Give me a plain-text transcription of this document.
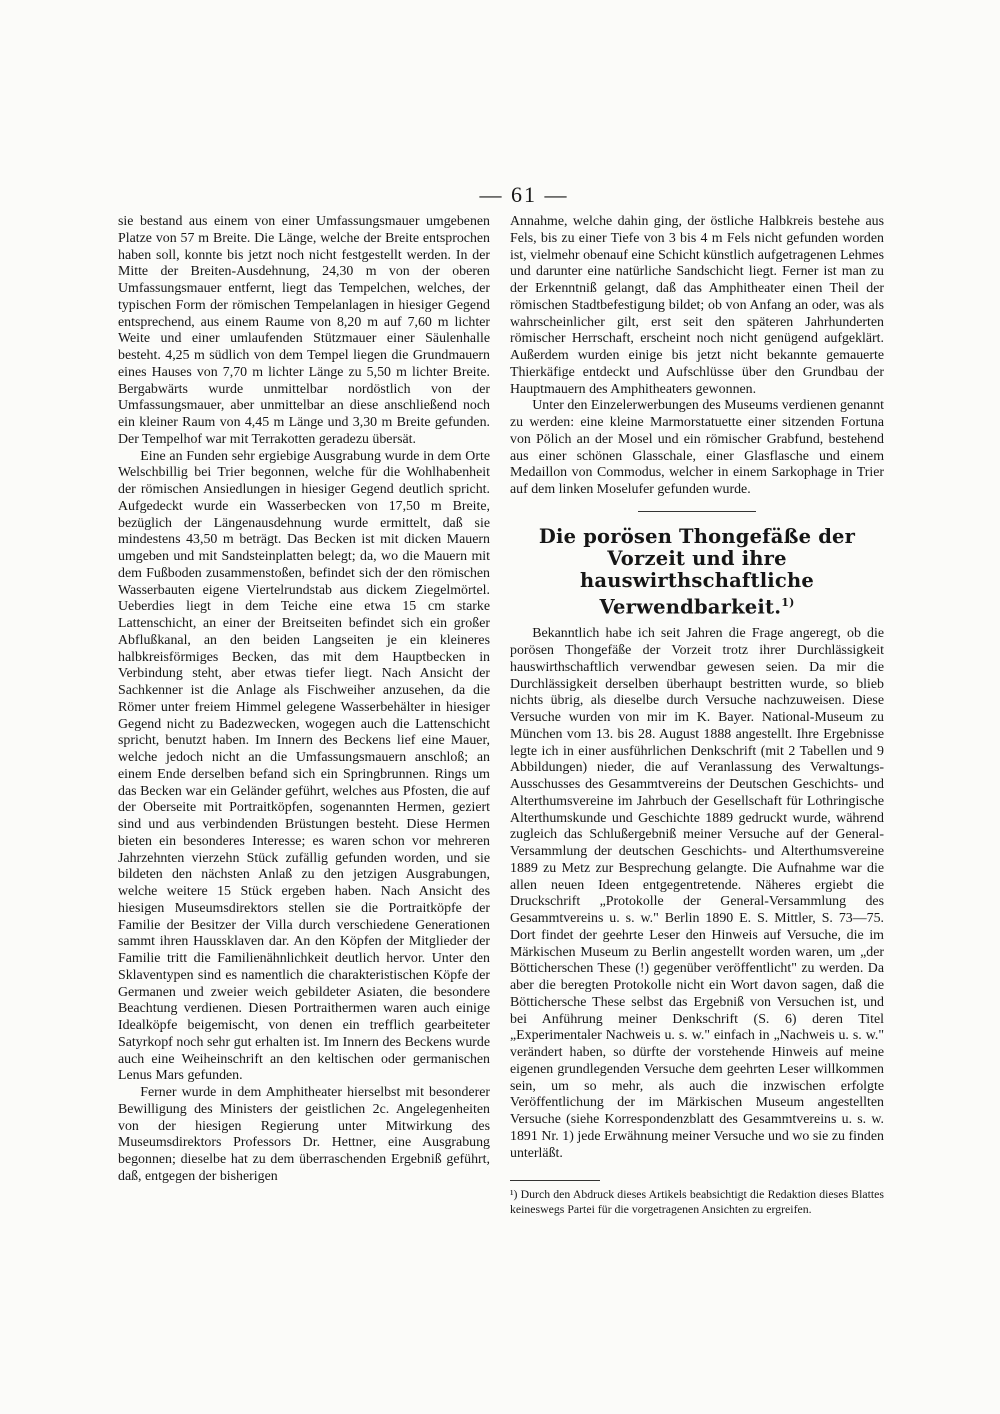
— 61 —

sie bestand aus einem von einer Umfassungsmauer umgebenen Platze von 57 m Breite. Die Länge, welche der Breite entsprochen haben soll, konnte bis jetzt noch nicht festgestellt werden. In der Mitte der Breiten-Ausdehnung, 24,30 m von der oberen Umfassungsmauer entfernt, liegt das Tempelchen, welches, der typischen Form der römischen Tempelanlagen in hiesiger Gegend entsprechend, aus einem Raume von 8,20 m auf 7,60 m lichter Weite und einer umlaufenden Stützmauer einer Säulenhalle besteht. 4,25 m südlich von dem Tempel liegen die Grundmauern eines Hauses von 7,70 m lichter Länge zu 5,50 m lichter Breite. Bergabwärts wurde unmittelbar nordöstlich von der Umfassungsmauer, aber unmittelbar an diese anschließend noch ein kleiner Raum von 4,45 m Länge und 3,30 m Breite gefunden. Der Tempelhof war mit Terrakotten geradezu übersät.

Eine an Funden sehr ergiebige Ausgrabung wurde in dem Orte Welschbillig bei Trier begonnen, welche für die Wohlhabenheit der römischen Ansiedlungen in hiesiger Gegend deutlich spricht. Aufgedeckt wurde ein Wasserbecken von 17,50 m Breite, bezüglich der Längenausdehnung wurde ermittelt, daß sie mindestens 43,50 m beträgt. Das Becken ist mit dicken Mauern umgeben und mit Sandsteinplatten belegt; da, wo die Mauern mit dem Fußboden zusammenstoßen, befindet sich der den römischen Wasserbauten eigene Viertelrundstab aus dickem Ziegelmörtel. Ueberdies liegt in dem Teiche eine etwa 15 cm starke Lattenschicht, an einer der Breitseiten befindet sich ein großer Abflußkanal, an den beiden Langseiten je ein kleineres halbkreisförmiges Becken, das mit dem Hauptbecken in Verbindung steht, aber etwas tiefer liegt. Nach Ansicht der Sachkenner ist die Anlage als Fischweiher anzusehen, da die Römer unter freiem Himmel gelegene Wasserbehälter in hiesiger Gegend nicht zu Badezwecken, wogegen auch die Lattenschicht spricht, benutzt haben. Im Innern des Beckens lief eine Mauer, welche jedoch nicht an die Umfassungsmauern anschloß; an einem Ende derselben befand sich ein Springbrunnen. Rings um das Becken war ein Geländer geführt, welches aus Pfosten, die auf der Oberseite mit Portraitköpfen, sogenannten Hermen, geziert sind und aus verbindenden Brüstungen besteht. Diese Hermen bieten ein besonderes Interesse; es waren schon vor mehreren Jahrzehnten vierzehn Stück zufällig gefunden worden, und sie bildeten den nächsten Anlaß zu den jetzigen Ausgrabungen, welche weitere 15 Stück ergeben haben. Nach Ansicht des hiesigen Museumsdirektors stellen sie die Portraitköpfe der Familie der Besitzer der Villa durch verschiedene Generationen sammt ihren Haussklaven dar. An den Köpfen der Mitglieder der Familie tritt die Familienähnlichkeit deutlich hervor. Unter den Sklaventypen sind es namentlich die charakteristischen Köpfe der Germanen und zweier weich gebildeter Asiaten, die besondere Beachtung verdienen. Diesen Portraithermen waren auch einige Idealköpfe beigemischt, von denen ein trefflich gearbeiteter Satyrkopf noch sehr gut erhalten ist. Im Innern des Beckens wurde auch eine Weiheinschrift an den keltischen oder germanischen Lenus Mars gefunden.

Ferner wurde in dem Amphitheater hierselbst mit besonderer Bewilligung des Ministers der geistlichen 2c. Angelegenheiten von der hiesigen Regierung unter Mitwirkung des Museumsdirektors Professors Dr. Hettner, eine Ausgrabung begonnen; dieselbe hat zu dem überraschenden Ergebniß geführt, daß, entgegen der bisherigen

Annahme, welche dahin ging, der östliche Halbkreis bestehe aus Fels, bis zu einer Tiefe von 3 bis 4 m Fels nicht gefunden worden ist, vielmehr obenauf eine Schicht künstlich aufgetragenen Lehmes und darunter eine natürliche Sandschicht liegt. Ferner ist man zu der Erkenntniß gelangt, daß das Amphitheater einen Theil der römischen Stadtbefestigung bildet; ob von Anfang an oder, was als wahrscheinlicher gilt, erst seit den späteren Jahrhunderten römischer Herrschaft, erscheint noch nicht genügend aufgeklärt. Außerdem wurden einige bis jetzt nicht bekannte gemauerte Thierkäfige entdeckt und Aufschlüsse über den Grundbau der Hauptmauern des Amphitheaters gewonnen.

Unter den Einzelerwerbungen des Museums verdienen genannt zu werden: eine kleine Marmorstatuette einer sitzenden Fortuna von Pölich an der Mosel und ein römischer Grabfund, bestehend aus einer schönen Glasschale, einer Glasflasche und einem Medaillon von Commodus, welcher in einem Sarkophage in Trier auf dem linken Moselufer gefunden wurde.

Die porösen Thongefäße der Vorzeit und ihre hauswirthschaftliche Verwendbarkeit.$^{1)}$

Bekanntlich habe ich seit Jahren die Frage angeregt, ob die porösen Thongefäße der Vorzeit trotz ihrer Durchlässigkeit hauswirthschaftlich verwendbar gewesen seien. Da mir die Durchlässigkeit derselben überhaupt bestritten wurde, so blieb nichts übrig, als dieselbe durch Versuche nachzuweisen. Diese Versuche wurden von mir im K. Bayer. National-Museum zu München vom 13. bis 28. August 1888 angestellt. Ihre Ergebnisse legte ich in einer ausführlichen Denkschrift (mit 2 Tabellen und 9 Abbildungen) nieder, die auf Veranlassung des Verwaltungs-Ausschusses des Gesammtvereins der Deutschen Geschichts- und Alterthumsvereine im Jahrbuch der Gesellschaft für Lothringische Alterthumskunde und Geschichte 1889 gedruckt wurde, während zugleich das Schlußergebniß meiner Versuche auf der General-Versammlung der deutschen Geschichts- und Alterthumsvereine 1889 zu Metz zur Besprechung gelangte. Die Aufnahme war die allen neuen Ideen entgegentretende. Näheres ergiebt die Druckschrift „Protokolle der General-Versammlung des Gesammtvereins u. s. w." Berlin 1890 E. S. Mittler, S. 73—75. Dort findet der geehrte Leser den Hinweis auf Versuche, die im Märkischen Museum zu Berlin angestellt worden waren, um „der Bötticherschen These (!) gegenüber veröffentlicht" zu werden. Da aber die beregten Protokolle nicht ein Wort davon sagen, daß die Böttichersche These selbst das Ergebniß von Versuchen ist, und bei Anführung meiner Denkschrift (S. 6) deren Titel „Experimentaler Nachweis u. s. w." einfach in „Nachweis u. s. w." verändert haben, so dürfte der vorstehende Hinweis auf meine eigenen grundlegenden Versuche dem geehrten Leser willkommen sein, um so mehr, als auch die inzwischen erfolgte Veröffentlichung der im Märkischen Museum angestellten Versuche (siehe Korrespondenzblatt des Gesammtvereins u. s. w. 1891 Nr. 1) jede Erwähnung meiner Versuche und wo sie zu finden unterläßt.

¹) Durch den Abdruck dieses Artikels beabsichtigt die Redaktion dieses Blattes keineswegs Partei für die vorgetragenen Ansichten zu ergreifen.
